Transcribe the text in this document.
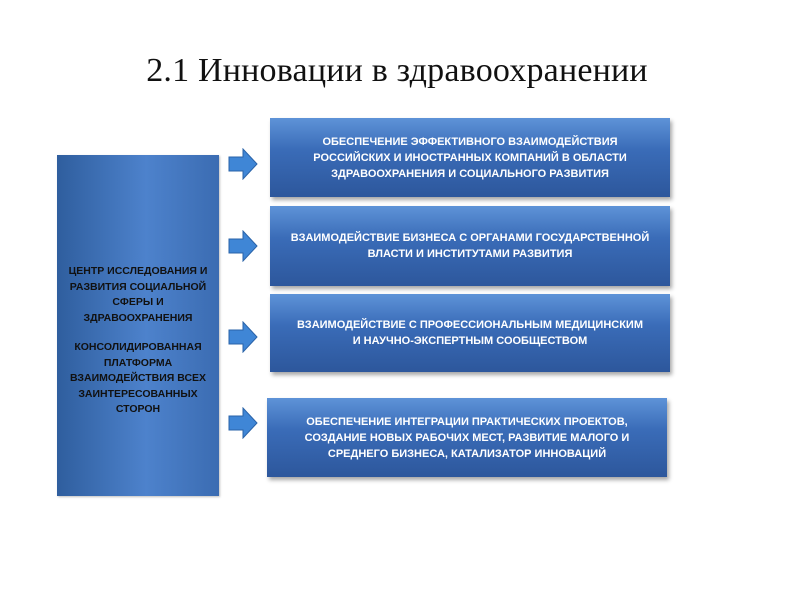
2.1 Инновации в здравоохранении
ЦЕНТР ИССЛЕДОВАНИЯ И РАЗВИТИЯ СОЦИАЛЬНОЙ СФЕРЫ И ЗДРАВООХРАНЕНИЯ
КОНСОЛИДИРОВАННАЯ ПЛАТФОРМА ВЗАИМОДЕЙСТВИЯ ВСЕХ ЗАИНТЕРЕСОВАННЫХ СТОРОН
ОБЕСПЕЧЕНИЕ ЭФФЕКТИВНОГО ВЗАИМОДЕЙСТВИЯ
РОССИЙСКИХ И ИНОСТРАННЫХ КОМПАНИЙ В ОБЛАСТИ
ЗДРАВООХРАНЕНИЯ И СОЦИАЛЬНОГО РАЗВИТИЯ
ВЗАИМОДЕЙСТВИЕ БИЗНЕСА С ОРГАНАМИ ГОСУДАРСТВЕННОЙ
ВЛАСТИ И ИНСТИТУТАМИ РАЗВИТИЯ
ВЗАИМОДЕЙСТВИЕ С ПРОФЕССИОНАЛЬНЫМ МЕДИЦИНСКИМ
И НАУЧНО-ЭКСПЕРТНЫМ СООБЩЕСТВОМ
ОБЕСПЕЧЕНИЕ ИНТЕГРАЦИИ ПРАКТИЧЕСКИХ ПРОЕКТОВ,
СОЗДАНИЕ НОВЫХ РАБОЧИХ МЕСТ, РАЗВИТИЕ МАЛОГО И
СРЕДНЕГО БИЗНЕСА, КАТАЛИЗАТОР ИННОВАЦИЙ
